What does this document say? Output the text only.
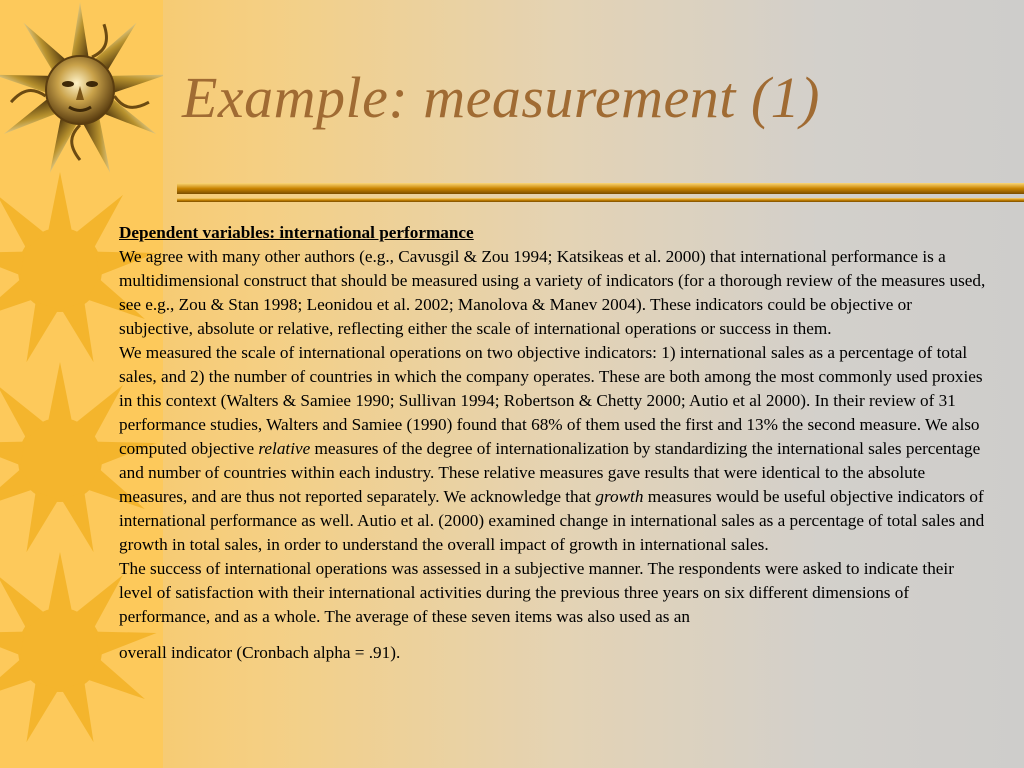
Example: measurement (1)

Dependent variables: international performance

We agree with many other authors (e.g., Cavusgil & Zou 1994; Katsikeas et al. 2000) that international performance is a multidimensional construct that should be measured using a variety of indicators (for a thorough review of the measures used, see e.g., Zou & Stan 1998; Leonidou et al. 2002; Manolova & Manev 2004). These indicators could be objective or subjective, absolute or relative, reflecting either the scale of international operations or success in them.

We measured the scale of international operations on two objective indicators: 1) international sales as a percentage of total sales, and 2) the number of countries in which the company operates. These are both among the most commonly used proxies in this context (Walters & Samiee 1990; Sullivan 1994; Robertson & Chetty 2000; Autio et al 2000). In their review of 31 performance studies, Walters and Samiee (1990) found that 68% of them used the first and 13% the second measure. We also computed objective relative measures of the degree of internationalization by standardizing the international sales percentage and number of countries within each industry. These relative measures gave results that were identical to the absolute measures, and are thus not reported separately. We acknowledge that growth measures would be useful objective indicators of international performance as well. Autio et al. (2000) examined change in international sales as a percentage of total sales and growth in total sales, in order to understand the overall impact of growth in international sales.

The success of international operations was assessed in a subjective manner. The respondents were asked to indicate their level of satisfaction with their international activities during the previous three years on six different dimensions of performance, and as a whole. The average of these seven items was also used as an
overall indicator (Cronbach alpha = .91).
